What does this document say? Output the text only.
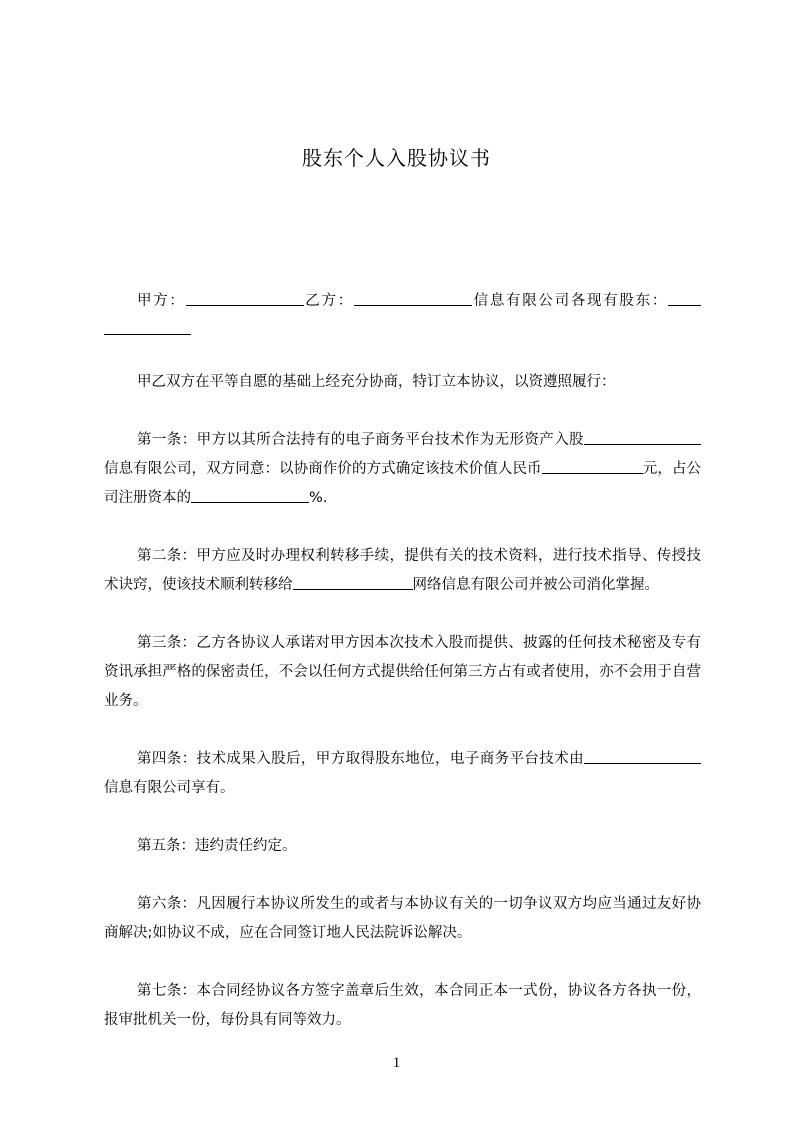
股东个人入股协议书

甲方：	乙方：	信息有限公司各现有股东：

甲乙双方在平等自愿的基础上经充分协商，特订立本协议，以资遵照履行：

第一条：甲方以其所合法持有的电子商务平台技术作为无形资产入股信息有限公司，双方同意：以协商作价的方式确定该技术价值人民币	元，占公司注册资本的	%.

第二条：甲方应及时办理权利转移手续，提供有关的技术资料，进行技术指导、传授技术诀窍，使该技术顺利转移给	网络信息有限公司并被公司消化掌握。

第三条：乙方各协议人承诺对甲方因本次技术入股而提供、披露的任何技术秘密及专有资讯承担严格的保密责任，不会以任何方式提供给任何第三方占有或者使用，亦不会用于自营业务。

第四条：技术成果入股后，甲方取得股东地位，电子商务平台技术由信息有限公司享有。

第五条：违约责任约定。

第六条：凡因履行本协议所发生的或者与本协议有关的一切争议双方均应当通过友好协商解决;如协议不成，应在合同签订地人民法院诉讼解决。

第七条：本合同经协议各方签字盖章后生效，本合同正本一式份，协议各方各执一份，报审批机关一份，每份具有同等效力。

1
